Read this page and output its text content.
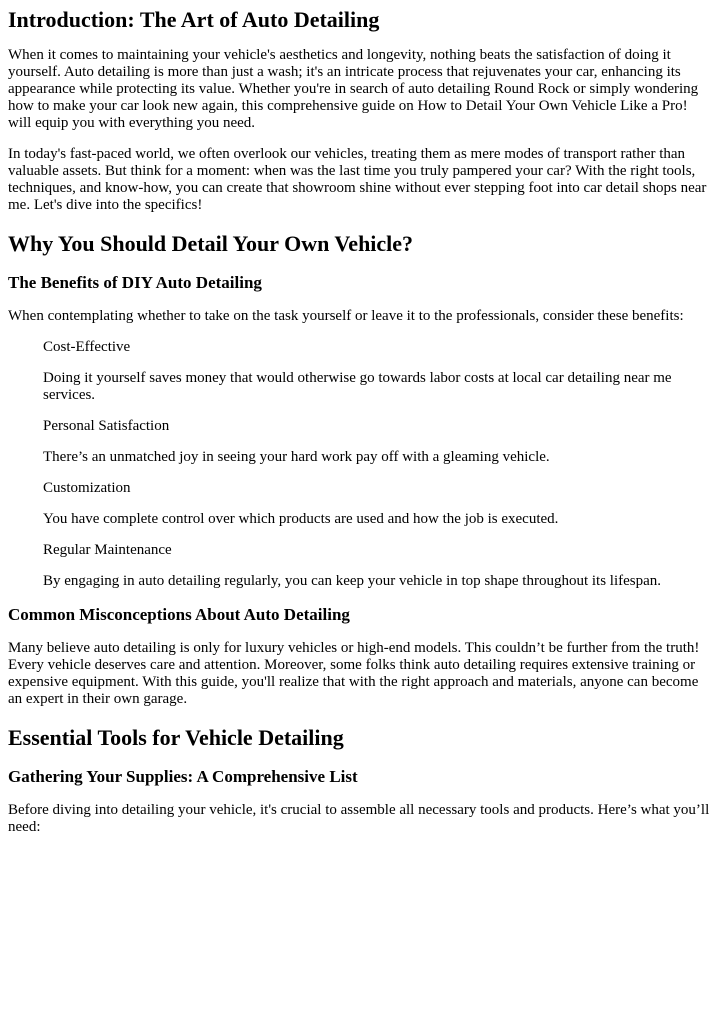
Introduction: The Art of Auto Detailing

When it comes to maintaining your vehicle's aesthetics and longevity, nothing beats the satisfaction of doing it yourself. Auto detailing is more than just a wash; it's an intricate process that rejuvenates your car, enhancing its appearance while protecting its value. Whether you're in search of auto detailing Round Rock or simply wondering how to make your car look new again, this comprehensive guide on How to Detail Your Own Vehicle Like a Pro! will equip you with everything you need.

In today's fast-paced world, we often overlook our vehicles, treating them as mere modes of transport rather than valuable assets. But think for a moment: when was the last time you truly pampered your car? With the right tools, techniques, and know-how, you can create that showroom shine without ever stepping foot into car detail shops near me. Let's dive into the specifics!

Why You Should Detail Your Own Vehicle?
The Benefits of DIY Auto Detailing

When contemplating whether to take on the task yourself or leave it to the professionals, consider these benefits:

Cost-Effective

Doing it yourself saves money that would otherwise go towards labor costs at local car detailing near me services.

Personal Satisfaction

There’s an unmatched joy in seeing your hard work pay off with a gleaming vehicle.

Customization

You have complete control over which products are used and how the job is executed.

Regular Maintenance

By engaging in auto detailing regularly, you can keep your vehicle in top shape throughout its lifespan.

Common Misconceptions About Auto Detailing

Many believe auto detailing is only for luxury vehicles or high-end models. This couldn’t be further from the truth! Every vehicle deserves care and attention. Moreover, some folks think auto detailing requires extensive training or expensive equipment. With this guide, you'll realize that with the right approach and materials, anyone can become an expert in their own garage.

Essential Tools for Vehicle Detailing
Gathering Your Supplies: A Comprehensive List

Before diving into detailing your vehicle, it's crucial to assemble all necessary tools and products. Here’s what you’ll need:
